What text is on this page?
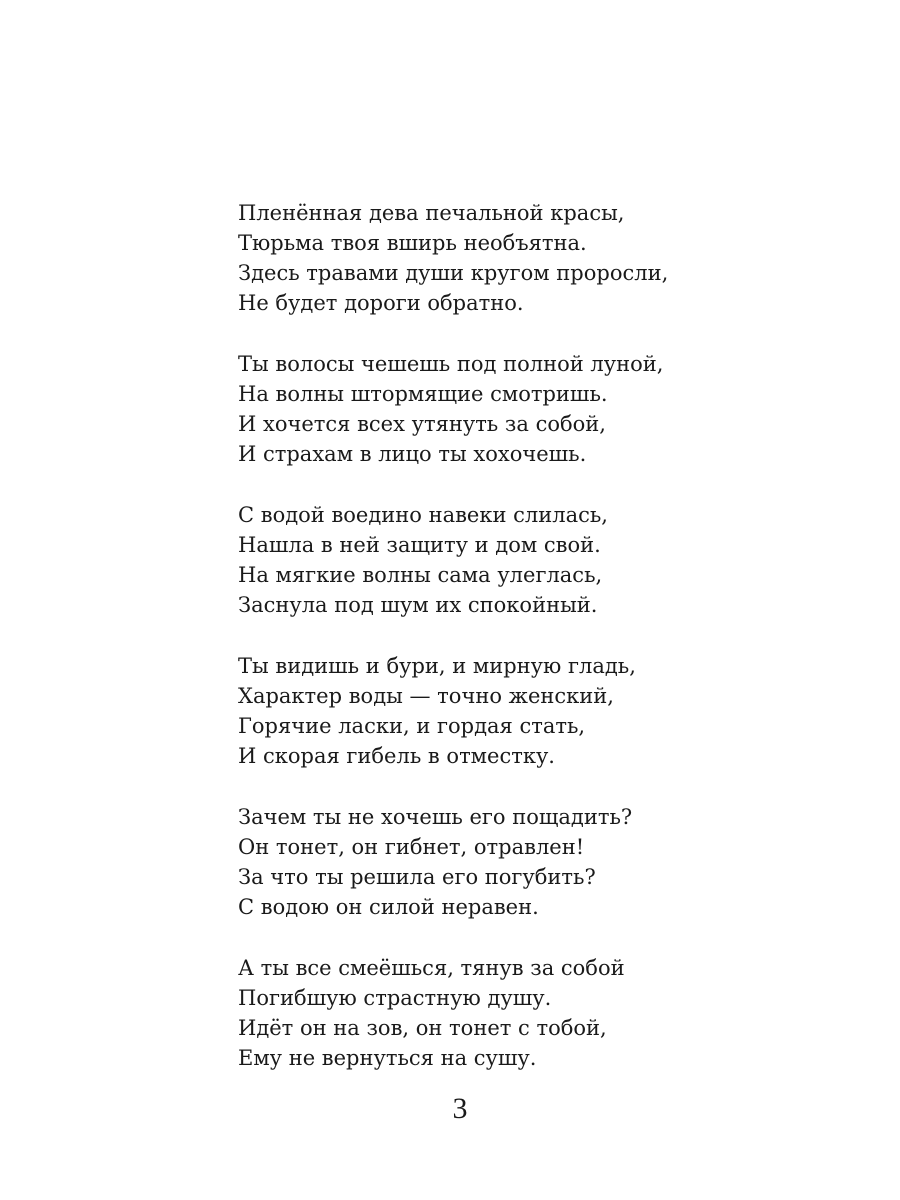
Пленённая дева печальной красы,
Тюрьма твоя вширь необъятна.
Здесь травами души кругом проросли,
Не будет дороги обратно.
Ты волосы чешешь под полной луной,
На волны штормящие смотришь.
И хочется всех утянуть за собой,
И страхам в лицо ты хохочешь.
С водой воедино навеки слилась,
Нашла в ней защиту и дом свой.
На мягкие волны сама улеглась,
Заснула под шум их спокойный.
Ты видишь и бури, и мирную гладь,
Характер воды — точно женский,
Горячие ласки, и гордая стать,
И скорая гибель в отместку.
Зачем ты не хочешь его пощадить?
Он тонет, он гибнет, отравлен!
За что ты решила его погубить?
С водою он силой неравен.
А ты все смеёшься, тянув за собой
Погибшую страстную душу.
Идёт он на зов, он тонет с тобой,
Ему не вернуться на сушу.
3
